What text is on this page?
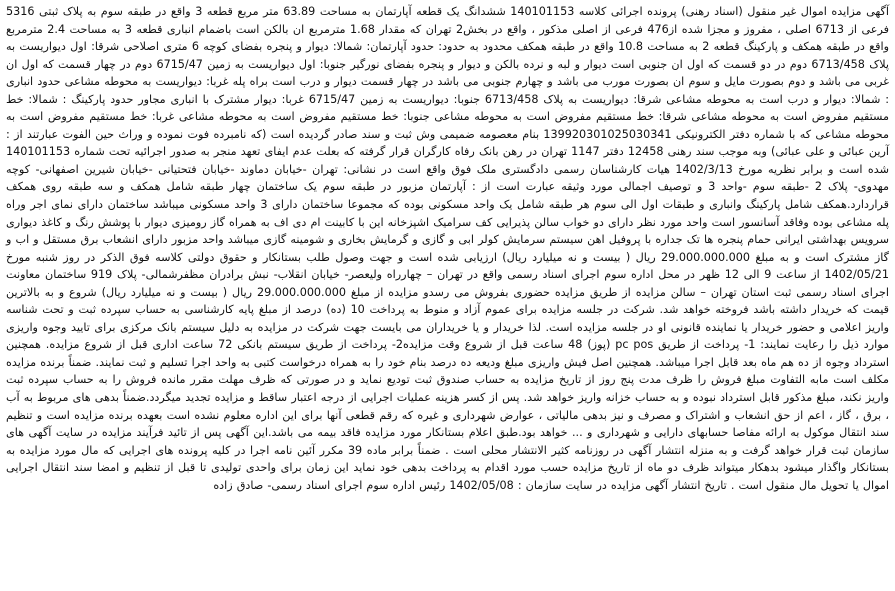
آگهی مزایده اموال غیر منقول (اسناد رهنی) پرونده اجرائی کلاسه 140101153 ششدانگ یک قطعه آپارتمان به مساحت 63.89 متر مربع قطعه 3 واقع در طبقه سوم به پلاک ثبتی 5316 فرعی از 6713 اصلی ، مفروز و مجزا شده از476 فرعی از اصلی مذکور ، واقع در بخش2 تهران که مقدار 1.68 مترمربع ان بالکن است باضمام انباری قطعه 3 به مساحت 2.4 مترمربع واقع در طبقه همکف و پارکینگ قطعه 2 به مساحت 10.8 واقع در طبقه همکف محدود به حدود: حدود آپارتمان: شمالا: دیوار و پنجره بفضای کوچه 6 متری اصلاحی شرقا: اول دیواریست به پلاک 6713/458 دوم در دو قسمت که اول ان جنوبی است دیوار و لبه و نرده بالکن و دیوار و پنجره بفضای نورگیر جنوبا: اول دیواریست به زمین 6715/47 دوم در چهار قسمت که اول ان غربی می باشد و دوم بصورت مایل و سوم ان بصورت مورب می باشد و چهارم جنوبی می باشد در چهار قسمت دیوار و درب است براه پله غربا: دیواریست به محوطه مشاعی حدود انباری : شمالا: دیوار و درب است به محوطه مشاعی شرقا: دیواریست به پلاک 6713/458 جنوبا: دیواریست به زمین 6715/47 غربا: دیوار مشترک با انباری مجاور حدود پارکینگ : شمالا: خط مستقیم مفروض است به محوطه مشاعی شرقا: خط مستقیم مفروض است به محوطه مشاعی جنوبا: خط مستقیم مفروض است به محوطه مشاعی غربا: خط مستقیم مفروض است به محوطه مشاعی که با شماره دفتر الکترونیکی 139920301025030341 بنام معصومه ضمیمی وش ثبت و سند صادر گردیده است (که نامبرده فوت نموده و وراث حین الفوت عبارتند از : آرین عبائی و علی عبائی) وبه موجب سند رهنی 12458 دفتر 1147 تهران در رهن بانک رفاه کارگران قرار گرفته که بعلت عدم ایفای تعهد منجر به صدور اجرائیه تحت شماره 140101153 شده است و برابر نظریه مورخ 1402/3/13 هیات کارشناسان رسمی دادگستری ملک فوق واقع است در نشانی: تهران -خیابان دماوند -خیابان فتحتیانی -خیابان شیرین اصفهانی- کوچه مهدوی- پلاک 2 -طبقه سوم -واحد 3 و توصیف اجمالی مورد وثیقه عبارت است از : آپارتمان مزبور در طبقه سوم یک ساختمان چهار طبقه شامل همکف و سه طبقه روی همکف قراردارد.همکف شامل پارکینگ وانباری و طبقات اول الی سوم هر طبقه شامل یک واحد مسکونی بوده که مجموعا ساختمان دارای 3 واحد مسکونی میباشد ساختمان دارای نمای اجر وراه پله مشاعی بوده وفاقد آسانسور است واحد مورد نظر دارای دو خواب سالن پذیرایی کف سرامیک اشپزخانه این با کابینت ام دی اف به همراه گاز رومیزی دیوار با پوشش رنگ و کاغذ دیواری سرویس بهداشتی ایرانی حمام پنجره ها تک جداره با پروفیل اهن سیستم سرمایش کولر ابی و گازی و گرمایش بخاری و شومینه گازی میباشد واحد مزبور دارای انشعاب برق مستقل و اب و گاز مشترک است و به مبلغ 29.000.000.000 ریال ( بیست و نه میلیارد ریال) ارزیابی شده است و جهت وصول طلب بستانکار و حقوق دولتی کلاسه فوق الذکر در روز شنبه مورخ 1402/05/21 از ساعت 9 الی 12 ظهر در محل اداره سوم اجرای اسناد رسمی واقع در تهران – چهارراه ولیعصر- خیابان انقلاب- نبش برادران مظفرشمالی- پلاک 919 ساختمان معاونت اجرای اسناد رسمی ثبت استان تهران – سالن مزایده از طریق مزایده حضوری بفروش می رسدو مزایده از مبلغ 29.000.000.000 ریال ( بیست و نه میلیارد ریال) شروع و به بالاترین قیمت که خریدار داشته باشد فروخته خواهد شد. شرکت در جلسه مزایده برای عموم آزاد و منوط به پرداخت 10 (ده) درصد از مبلغ پایه کارشناسی به حساب سپرده ثبت و تحت شناسه واریز اعلامی و حضور خریدار یا نماینده قانونی او در جلسه مزایده است. لذا خریدار و یا خریداران می بایست جهت شرکت در مزایده به دلیل سیستم بانک مرکزی برای تایید وجوه واریزی موارد ذیل را رعایت نمایند: 1- پرداخت از طریق pc pos (پوز) 48 ساعت قبل از شروع وقت مزایده2- پرداخت از طریق سیستم بانکی 72 ساعت اداری قبل از شروع مزایده. همچنین استرداد وجوه از ده هم ماه بعد قابل اجرا میباشد. همچنین اصل فیش واریزی مبلغ ودیعه ده درصد بنام خود را به همراه درخواست کتبی به واحد اجرا تسلیم و ثبت نمایند. ضمناً برنده مزایده مکلف است مابه التفاوت مبلغ فروش را ظرف مدت پنج روز از تاریخ مزایده به حساب صندوق ثبت تودیع نماید و در صورتی که ظرف مهلت مقرر مانده فروش را به حساب سپرده ثبت واریز نکند، مبلغ مذکور قابل استرداد نبوده و به حساب خزانه واریز خواهد شد. پس از کسر هزینه عملیات اجرایی از درجه اعتبار ساقط و مزایده تجدید میگردد.ضمناً بدهی های مربوط به آب ، برق ، گاز ، اعم از حق انشعاب و اشتراک و مصرف و نیز بدهی مالیاتی ، عوارض شهرداری و غیره که رقم قطعی آنها برای این اداره معلوم نشده است بعهده برنده مزایده است و تنظیم سند انتقال موکول به ارائه مفاصا حسابهای دارایی و شهرداری و ... خواهد بود.طبق اعلام بستانکار مورد مزایده فاقد بیمه می باشد.این آگهی پس از تائید فرآیند مزایده در سایت آگهی های سازمان ثبت قرار خواهد گرفت و به منزله انتشار آگهی در روزنامه کثیر الانتشار محلی است . ضمناً برابر ماده 39 مکرر آئین نامه اجرا در کلیه پرونده های اجرایی که مال مورد مزایده به بستانکار واگذار میشود بدهکار میتواند ظرف دو ماه از تاریخ مزایده حسب مورد اقدام به پرداخت بدهی خود نماید این زمان برای واحدی تولیدی تا قبل از تنظیم و امضا سند انتقال اجرایی اموال یا تحویل مال منقول است . تاریخ انتشار آگهی مزایده در سایت سازمان : 1402/05/08 رئیس اداره سوم اجرای اسناد رسمی- صادق زاده
